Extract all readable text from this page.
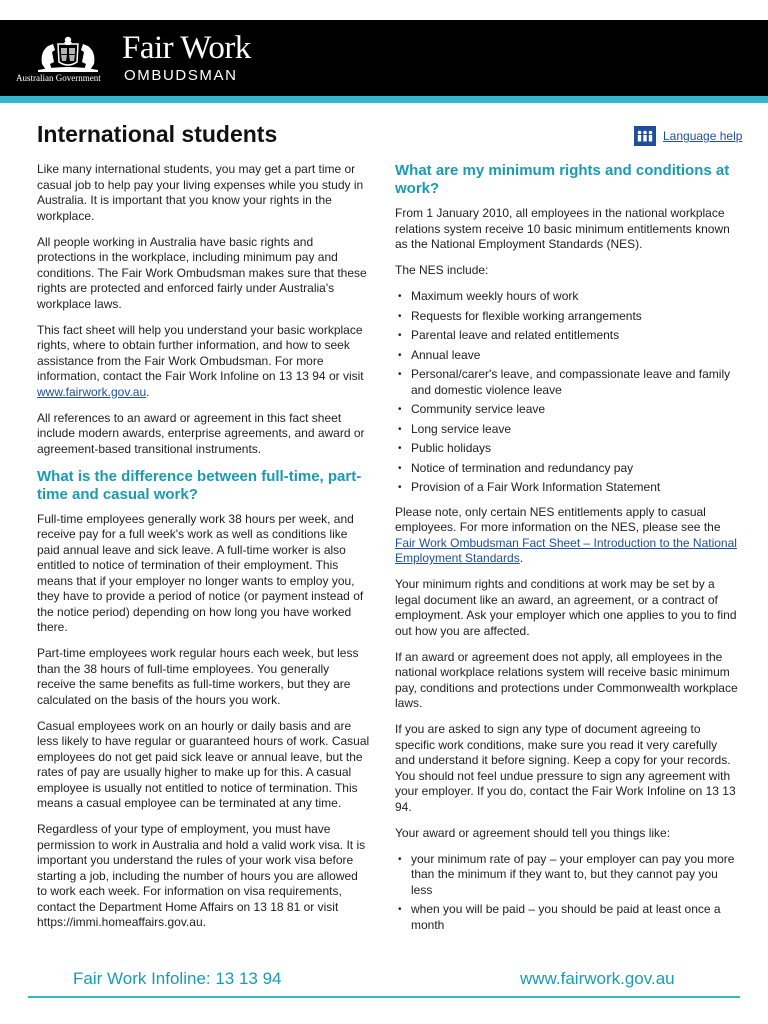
Australian Government
Fair Work
OMBUDSMAN
International students	Language help

Like many international students, you may get a part time or casual job to help pay your living expenses while you study in Australia. It is important that you know your rights in the workplace.

All people working in Australia have basic rights and protections in the workplace, including minimum pay and conditions. The Fair Work Ombudsman makes sure that these rights are protected and enforced fairly under Australia's workplace laws.

This fact sheet will help you understand your basic workplace rights, where to obtain further information, and how to seek assistance from the Fair Work Ombudsman. For more information, contact the Fair Work Infoline on 13 13 94 or visit www.fairwork.gov.au.

All references to an award or agreement in this fact sheet include modern awards, enterprise agreements, and award or agreement-based transitional instruments.

What is the difference between full-time, part-time and casual work?

Full-time employees generally work 38 hours per week, and receive pay for a full week's work as well as conditions like paid annual leave and sick leave. A full-time worker is also entitled to notice of termination of their employment. This means that if your employer no longer wants to employ you, they have to provide a period of notice (or payment instead of the notice period) depending on how long you have worked there.

Part-time employees work regular hours each week, but less than the 38 hours of full-time employees. You generally receive the same benefits as full-time workers, but they are calculated on the basis of the hours you work.

Casual employees work on an hourly or daily basis and are less likely to have regular or guaranteed hours of work. Casual employees do not get paid sick leave or annual leave, but the rates of pay are usually higher to make up for this. A casual employee is usually not entitled to notice of termination. This means a casual employee can be terminated at any time.

Regardless of your type of employment, you must have permission to work in Australia and hold a valid work visa. It is important you understand the rules of your work visa before starting a job, including the number of hours you are allowed to work each week. For information on visa requirements, contact the Department Home Affairs on 13 18 81 or visit https://immi.homeaffairs.gov.au.

What are my minimum rights and conditions at work?

From 1 January 2010, all employees in the national workplace relations system receive 10 basic minimum entitlements known as the National Employment Standards (NES).

The NES include:

• Maximum weekly hours of work
• Requests for flexible working arrangements
• Parental leave and related entitlements
• Annual leave
• Personal/carer's leave, and compassionate leave and family and domestic violence leave
• Community service leave
• Long service leave
• Public holidays
• Notice of termination and redundancy pay
• Provision of a Fair Work Information Statement

Please note, only certain NES entitlements apply to casual employees. For more information on the NES, please see the Fair Work Ombudsman Fact Sheet – Introduction to the National Employment Standards.

Your minimum rights and conditions at work may be set by a legal document like an award, an agreement, or a contract of employment. Ask your employer which one applies to you to find out how you are affected.

If an award or agreement does not apply, all employees in the national workplace relations system will receive basic minimum pay, conditions and protections under Commonwealth workplace laws.

If you are asked to sign any type of document agreeing to specific work conditions, make sure you read it very carefully and understand it before signing. Keep a copy for your records. You should not feel undue pressure to sign any agreement with your employer. If you do, contact the Fair Work Infoline on 13 13 94.

Your award or agreement should tell you things like:

• your minimum rate of pay – your employer can pay you more than the minimum if they want to, but they cannot pay you less
• when you will be paid – you should be paid at least once a month
Fair Work Infoline: 13 13 94	www.fairwork.gov.au
